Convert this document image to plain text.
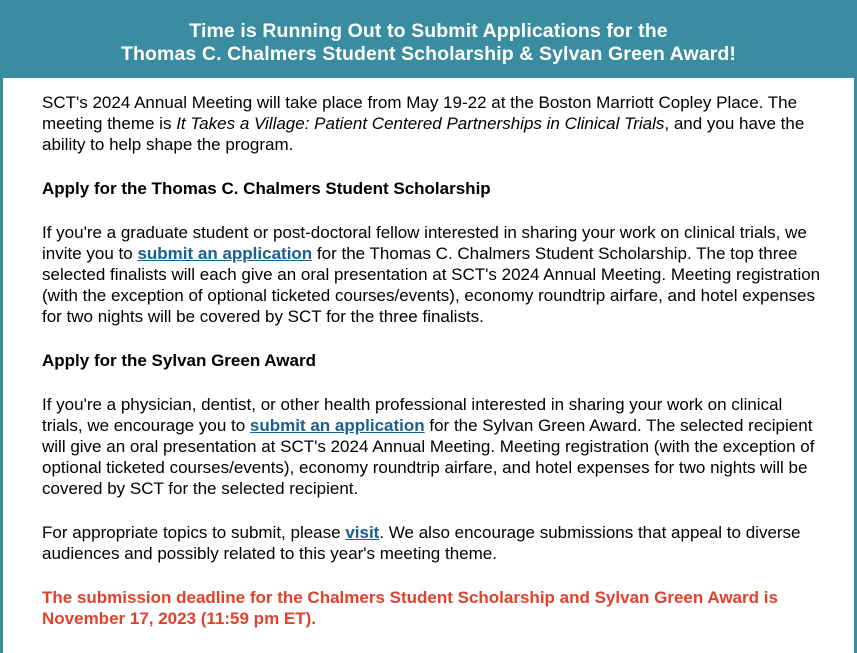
Time is Running Out to Submit Applications for the
Thomas C. Chalmers Student Scholarship & Sylvan Green Award!

SCT's 2024 Annual Meeting will take place from May 19-22 at the Boston Marriott Copley Place. The meeting theme is It Takes a Village: Patient Centered Partnerships in Clinical Trials, and you have the ability to help shape the program.

Apply for the Thomas C. Chalmers Student Scholarship

If you're a graduate student or post-doctoral fellow interested in sharing your work on clinical trials, we invite you to submit an application for the Thomas C. Chalmers Student Scholarship. The top three selected finalists will each give an oral presentation at SCT's 2024 Annual Meeting. Meeting registration (with the exception of optional ticketed courses/events), economy roundtrip airfare, and hotel expenses for two nights will be covered by SCT for the three finalists.

Apply for the Sylvan Green Award

If you're a physician, dentist, or other health professional interested in sharing your work on clinical trials, we encourage you to submit an application for the Sylvan Green Award. The selected recipient will give an oral presentation at SCT's 2024 Annual Meeting. Meeting registration (with the exception of optional ticketed courses/events), economy roundtrip airfare, and hotel expenses for two nights will be covered by SCT for the selected recipient.

For appropriate topics to submit, please visit. We also encourage submissions that appeal to diverse audiences and possibly related to this year's meeting theme.

The submission deadline for the Chalmers Student Scholarship and Sylvan Green Award is November 17, 2023 (11:59 pm ET).
